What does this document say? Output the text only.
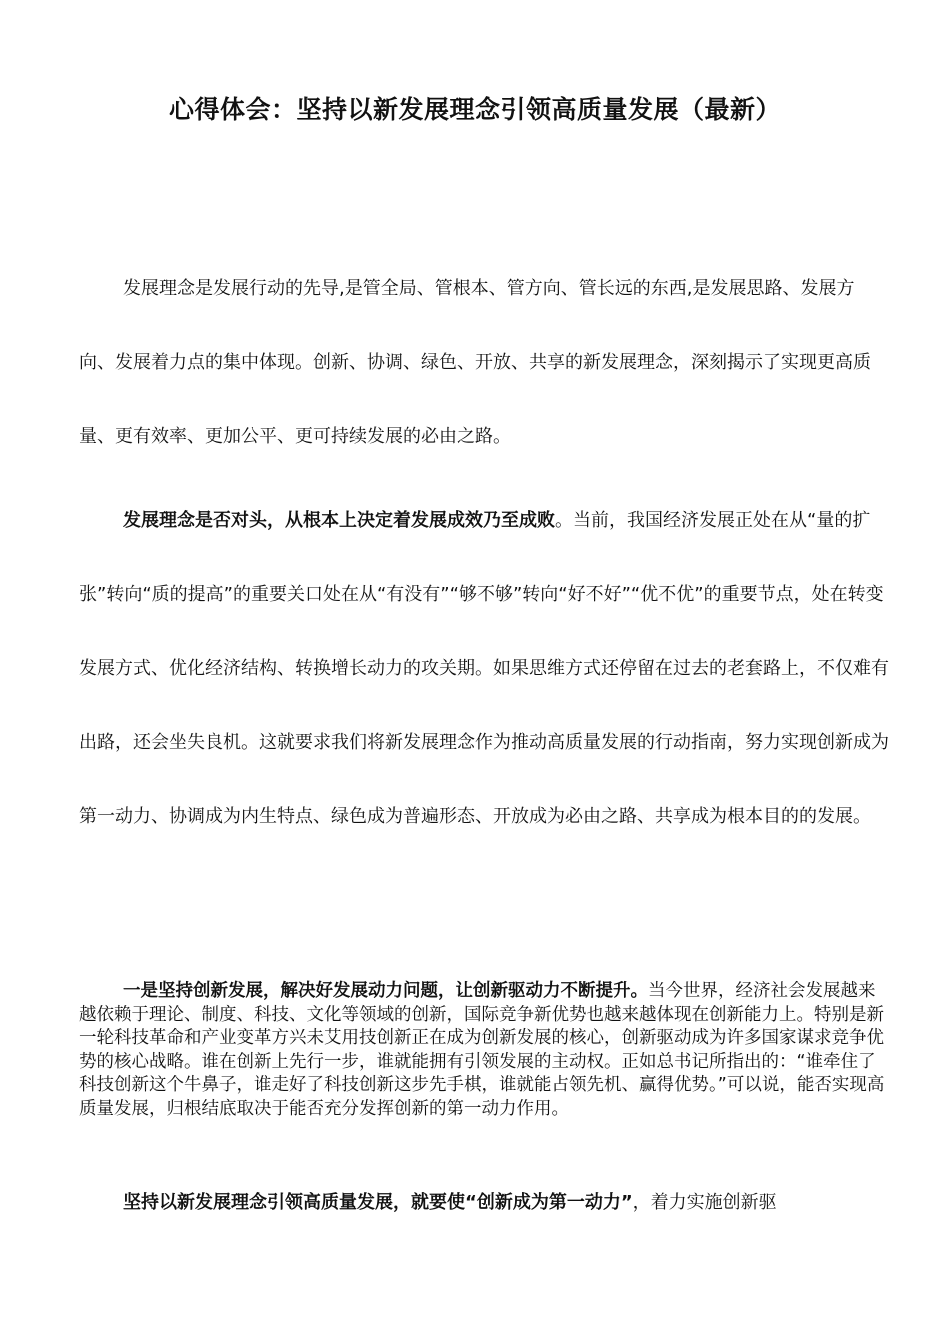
心得体会：坚持以新发展理念引领高质量发展（最新）

发展理念是发展行动的先导,是管全局、管根本、管方向、管长远的东西,是发展思路、发展方向、发展着力点的集中体现。创新、协调、绿色、开放、共享的新发展理念，深刻揭示了实现更高质量、更有效率、更加公平、更可持续发展的必由之路。

发展理念是否对头，从根本上决定着发展成效乃至成败。当前，我国经济发展正处在从“量的扩张”转向“质的提高”的重要关口处在从“有没有”“够不够”转向“好不好”“优不优”的重要节点，处在转变发展方式、优化经济结构、转换增长动力的攻关期。如果思维方式还停留在过去的老套路上，不仅难有出路，还会坐失良机。这就要求我们将新发展理念作为推动高质量发展的行动指南，努力实现创新成为第一动力、协调成为内生特点、绿色成为普遍形态、开放成为必由之路、共享成为根本目的的发展。

一是坚持创新发展，解决好发展动力问题，让创新驱动力不断提升。当今世界，经济社会发展越来越依赖于理论、制度、科技、文化等领域的创新，国际竞争新优势也越来越体现在创新能力上。特别是新一轮科技革命和产业变革方兴未艾用技创新正在成为创新发展的核心，创新驱动成为许多国家谋求竞争优势的核心战略。谁在创新上先行一步，谁就能拥有引领发展的主动权。正如总书记所指出的：“谁牵住了科技创新这个牛鼻子，谁走好了科技创新这步先手棋，谁就能占领先机、赢得优势。”可以说，能否实现高质量发展，归根结底取决于能否充分发挥创新的第一动力作用。

坚持以新发展理念引领高质量发展，就要使“创新成为第一动力”，着力实施创新驱
